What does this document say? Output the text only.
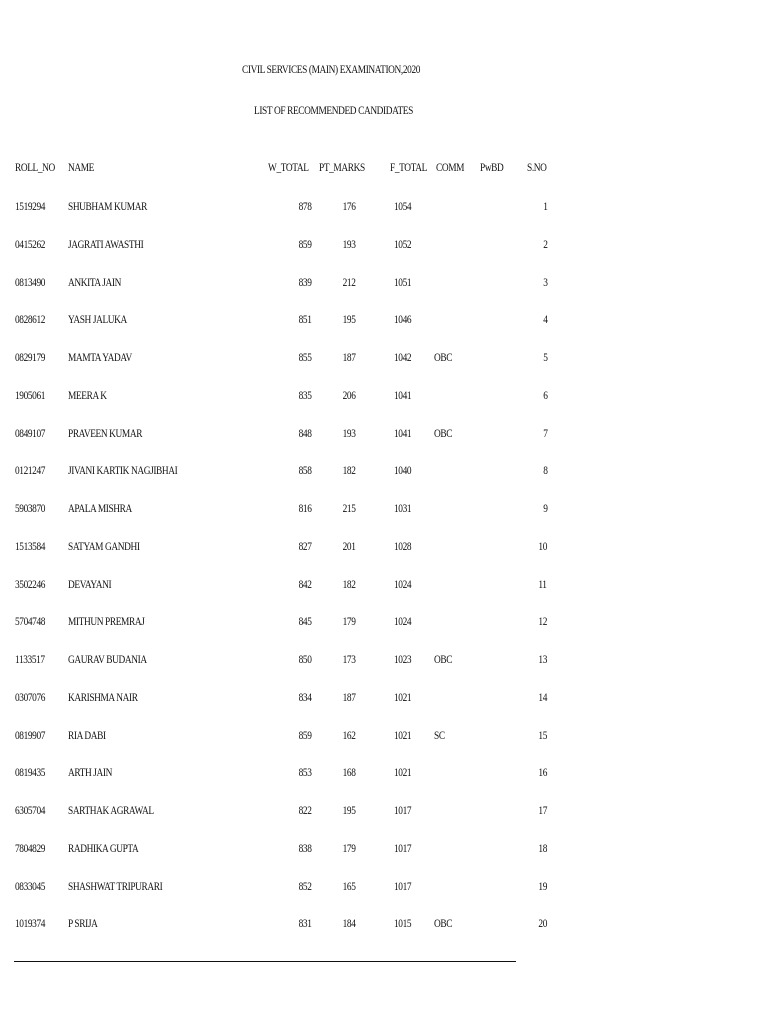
CIVIL SERVICES (MAIN) EXAMINATION,2020
LIST OF RECOMMENDED CANDIDATES
ROLL_NO NAME	W_TOTAL PT_MARKS F_TOTAL COMM PwBD S.NO
1519294 SHUBHAM KUMAR	878	176	1054	1
0415262 JAGRATI AWASTHI	859	193	1052	2
0813490 ANKITA JAIN	839	212	1051	3
0828612 YASH JALUKA	851	195	1046	4
0829179 MAMTA YADAV	855	187	1042 OBC	5
1905061 MEERA K	835	206	1041	6
0849107 PRAVEEN KUMAR	848	193	1041 OBC	7
0121247 JIVANI KARTIK NAGJIBHAI	858	182	1040	8
5903870 APALA MISHRA	816	215	1031	9
1513584 SATYAM GANDHI	827	201	1028	10
3502246 DEVAYANI	842	182	1024	11
5704748 MITHUN PREMRAJ	845	179	1024	12
1133517 GAURAV BUDANIA	850	173	1023 OBC	13
0307076 KARISHMA NAIR	834	187	1021	14
0819907 RIA DABI	859	162	1021 SC	15
0819435 ARTH JAIN	853	168	1021	16
6305704 SARTHAK AGRAWAL	822	195	1017	17
7804829 RADHIKA GUPTA	838	179	1017	18
0833045 SHASHWAT TRIPURARI	852	165	1017	19
1019374 P SRIJA	831	184	1015 OBC	20
